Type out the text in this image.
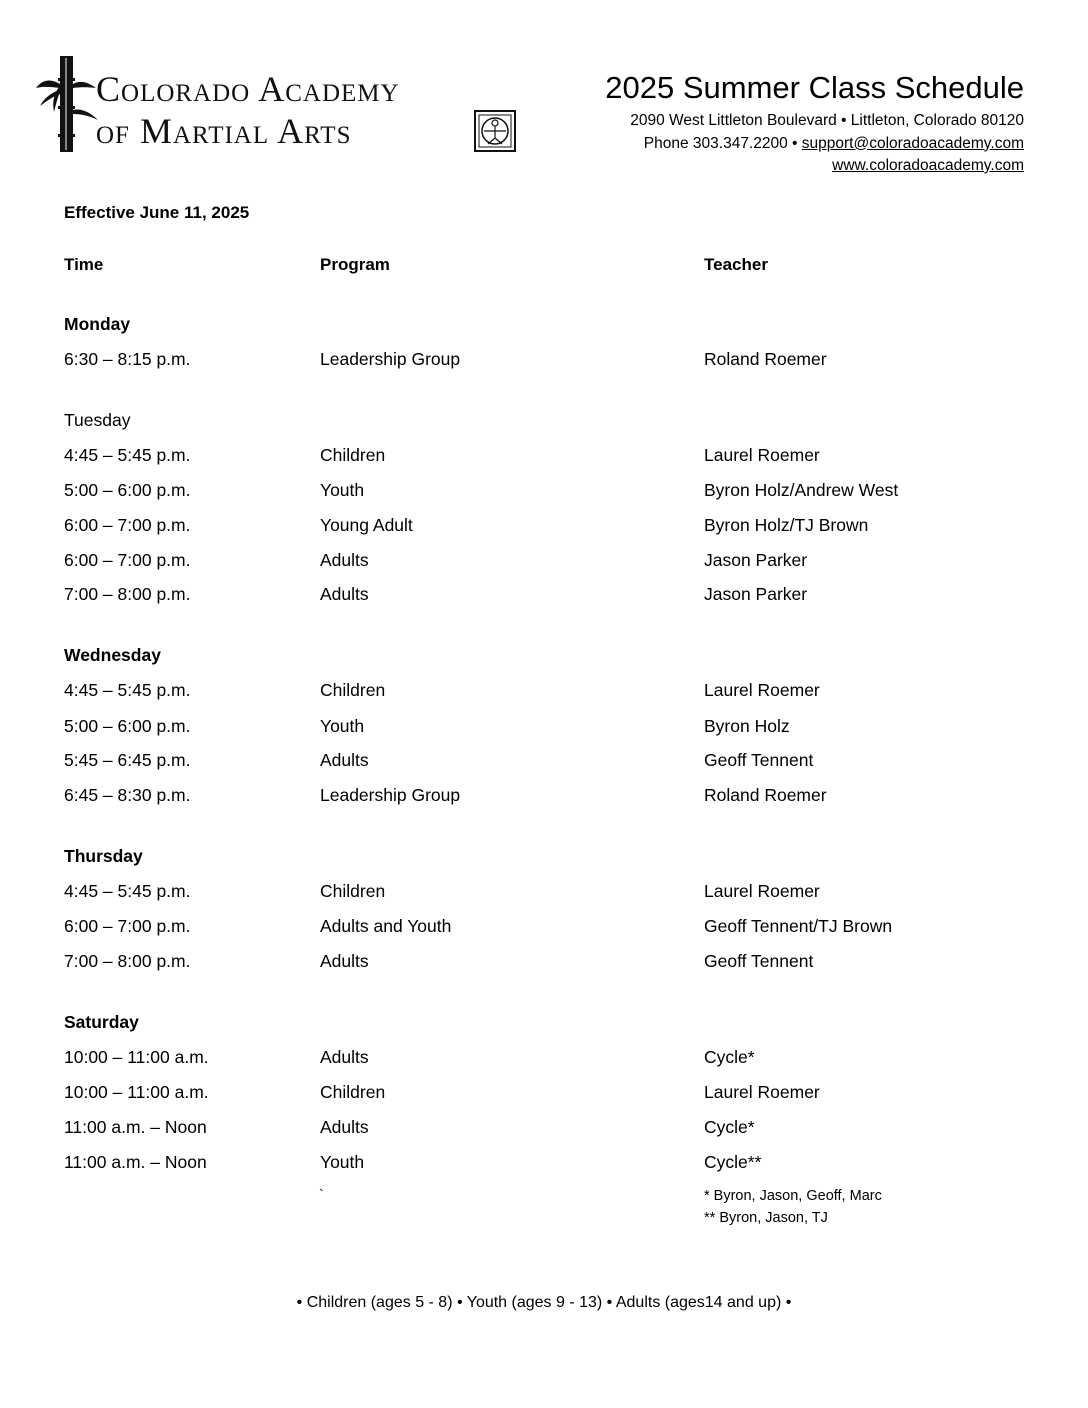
Colorado Academy
of Martial Arts
2025 Summer Class Schedule
2090 West Littleton Boulevard • Littleton, Colorado 80120
Phone 303.347.2200 • support@coloradoacademy.com
www.coloradoacademy.com
Effective June 11, 2025
Time	Program	Teacher
Monday
6:30 – 8:15 p.m.	Leadership Group	Roland Roemer
Tuesday
4:45 – 5:45 p.m.	Children	Laurel Roemer
5:00 – 6:00 p.m.	Youth	Byron Holz/Andrew West
6:00 – 7:00 p.m.	Young Adult	Byron Holz/TJ Brown
6:00 – 7:00 p.m.	Adults	Jason Parker
7:00 – 8:00 p.m.	Adults	Jason Parker
Wednesday
4:45 – 5:45 p.m.	Children	Laurel Roemer
5:00 – 6:00 p.m.	Youth	Byron Holz
5:45 – 6:45 p.m.	Adults	Geoff Tennent
6:45 – 8:30 p.m.	Leadership Group	Roland Roemer
Thursday
4:45 – 5:45 p.m.	Children	Laurel Roemer
6:00 – 7:00 p.m.	Adults and Youth	Geoff Tennent/TJ Brown
7:00 – 8:00 p.m.	Adults	Geoff Tennent
Saturday
10:00 – 11:00 a.m.	Adults	Cycle*
10:00 – 11:00 a.m.	Children	Laurel Roemer
11:00 a.m. – Noon	Adults	Cycle*
11:00 a.m. – Noon	Youth	Cycle**
`	* Byron, Jason, Geoff, Marc
** Byron, Jason, TJ
• Children (ages 5 - 8) • Youth (ages 9 - 13) • Adults (ages14 and up) •
